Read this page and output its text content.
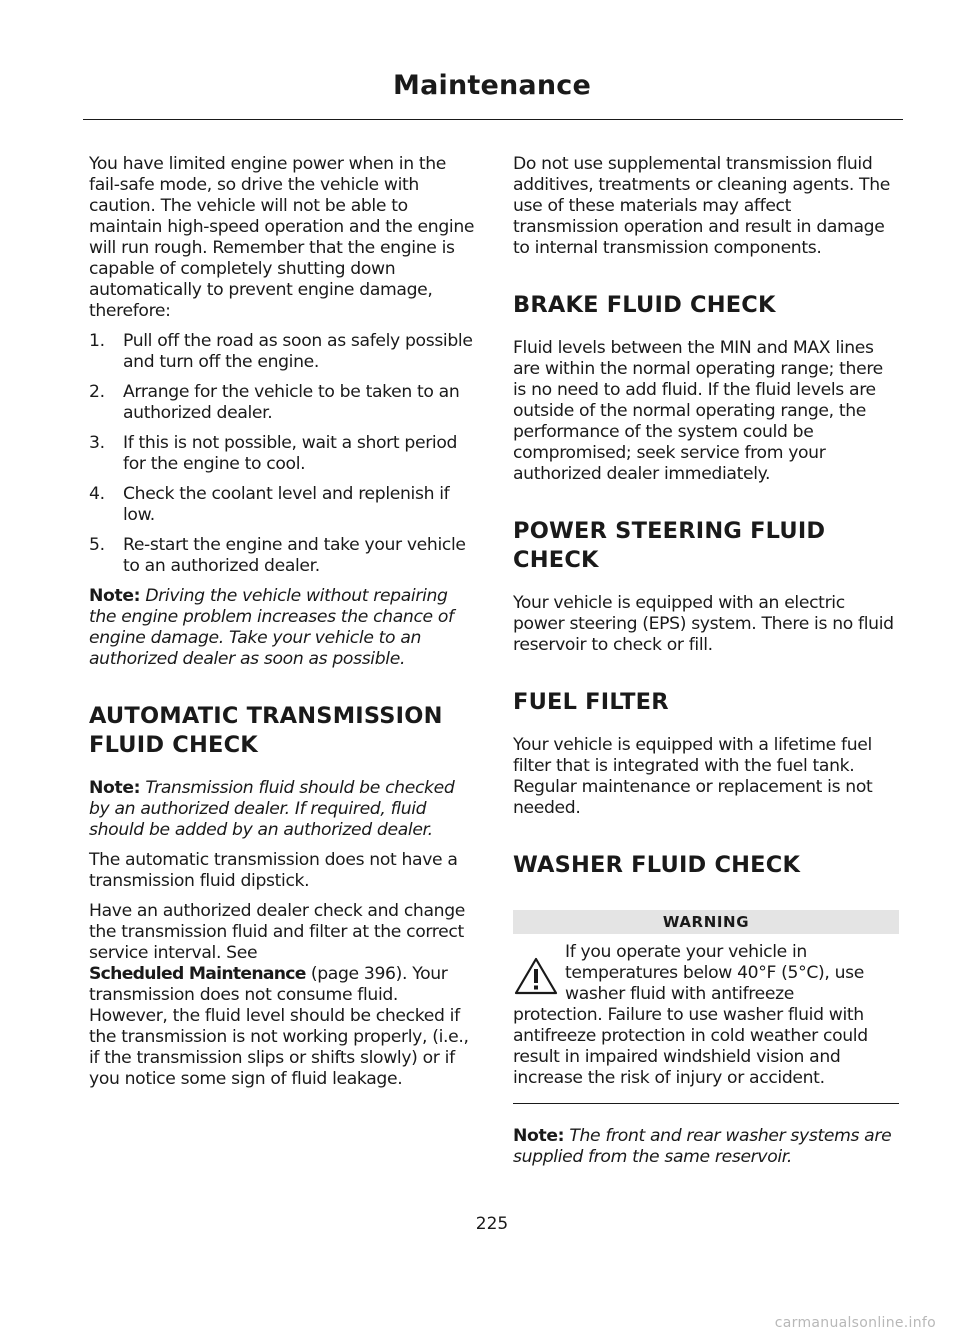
Maintenance

You have limited engine power when in the fail-safe mode, so drive the vehicle with caution. The vehicle will not be able to maintain high-speed operation and the engine will run rough. Remember that the engine is capable of completely shutting down automatically to prevent engine damage, therefore:

1.	Pull off the road as soon as safely possible and turn off the engine.
2.	Arrange for the vehicle to be taken to an authorized dealer.
3.	If this is not possible, wait a short period for the engine to cool.
4.	Check the coolant level and replenish if low.
5.	Re-start the engine and take your vehicle to an authorized dealer.

Note: Driving the vehicle without repairing the engine problem increases the chance of engine damage. Take your vehicle to an authorized dealer as soon as possible.

AUTOMATIC TRANSMISSION
FLUID CHECK

Note: Transmission fluid should be checked by an authorized dealer. If required, fluid should be added by an authorized dealer.

The automatic transmission does not have a transmission fluid dipstick.

Have an authorized dealer check and change the transmission fluid and filter at the correct service interval. See
Scheduled Maintenance (page 396). Your transmission does not consume fluid. However, the fluid level should be checked if the transmission is not working properly, (i.e., if the transmission slips or shifts slowly) or if you notice some sign of fluid leakage.

Do not use supplemental transmission fluid additives, treatments or cleaning agents. The use of these materials may affect transmission operation and result in damage to internal transmission components.

BRAKE FLUID CHECK

Fluid levels between the MIN and MAX lines are within the normal operating range; there is no need to add fluid. If the fluid levels are outside of the normal operating range, the performance of the system could be compromised; seek service from your authorized dealer immediately.

POWER STEERING FLUID
CHECK

Your vehicle is equipped with an electric power steering (EPS) system. There is no fluid reservoir to check or fill.

FUEL FILTER

Your vehicle is equipped with a lifetime fuel filter that is integrated with the fuel tank. Regular maintenance or replacement is not needed.

WASHER FLUID CHECK
WARNING
If you operate your vehicle in
temperatures below 40°F (5°C), use
washer fluid with antifreeze
protection. Failure to use washer fluid with antifreeze protection in cold weather could result in impaired windshield vision and increase the risk of injury or accident.

Note: The front and rear washer systems are supplied from the same reservoir.

225
carmanualsonline.info
